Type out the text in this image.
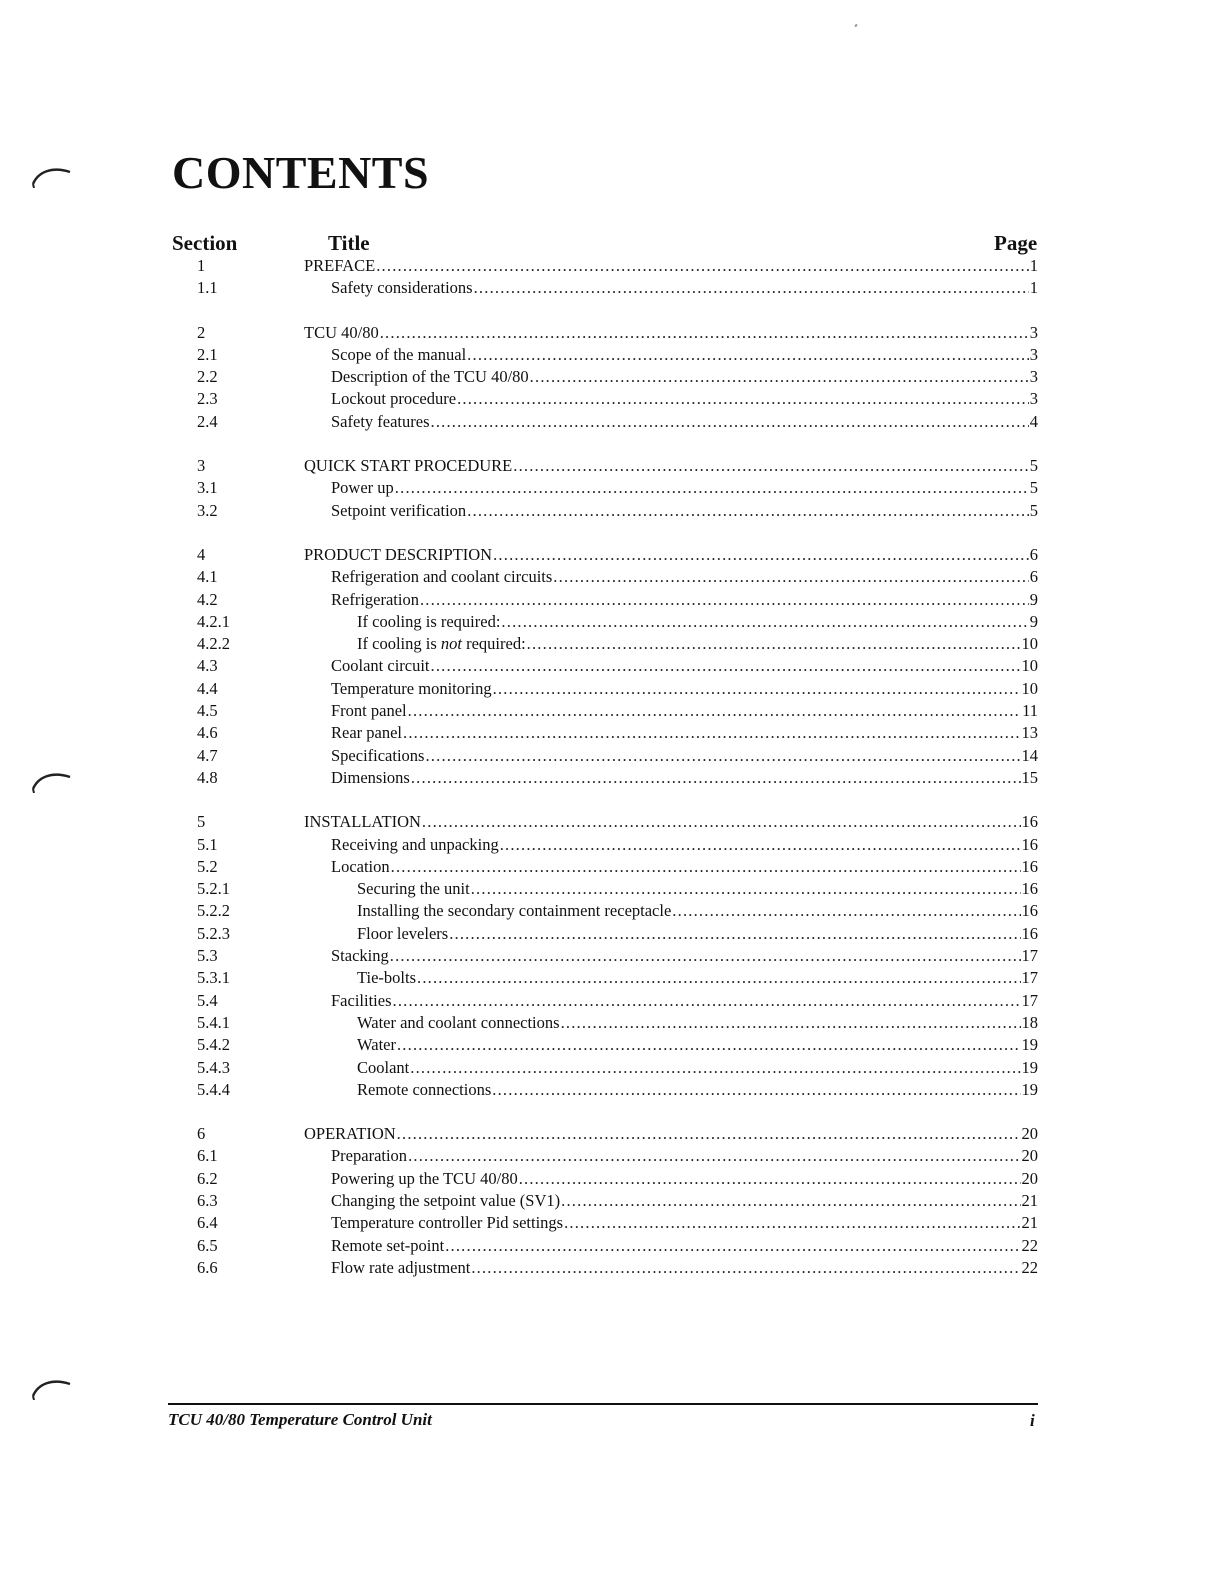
CONTENTS
Section	Title	Page
1	PREFACE .....	1
1.1	Safety considerations .....	1
2	TCU 40/80 .....	3
2.1	Scope of the manual .....	3
2.2	Description of the TCU 40/80 .....	3
2.3	Lockout procedure .....	3
2.4	Safety features .....	4
3	QUICK START PROCEDURE .....	5
3.1	Power up .....	5
3.2	Setpoint verification .....	5
4	PRODUCT DESCRIPTION .....	6
4.1	Refrigeration and coolant circuits .....	6
4.2	Refrigeration .....	9
4.2.1	If cooling is required: .....	9
4.2.2	If cooling is not required: .....	10
4.3	Coolant circuit .....	10
4.4	Temperature monitoring .....	10
4.5	Front panel .....	11
4.6	Rear panel .....	13
4.7	Specifications .....	14
4.8	Dimensions .....	15
5	INSTALLATION .....	16
5.1	Receiving and unpacking .....	16
5.2	Location .....	16
5.2.1	Securing the unit .....	16
5.2.2	Installing the secondary containment receptacle .....	16
5.2.3	Floor levelers .....	16
5.3	Stacking .....	17
5.3.1	Tie-bolts .....	17
5.4	Facilities .....	17
5.4.1	Water and coolant connections .....	18
5.4.2	Water .....	19
5.4.3	Coolant .....	19
5.4.4	Remote connections .....	19
6	OPERATION .....	20
6.1	Preparation .....	20
6.2	Powering up the TCU 40/80 .....	20
6.3	Changing the setpoint value (SV1) .....	21
6.4	Temperature controller Pid settings .....	21
6.5	Remote set-point .....	22
6.6	Flow rate adjustment .....	22
TCU 40/80 Temperature Control Unit	i
